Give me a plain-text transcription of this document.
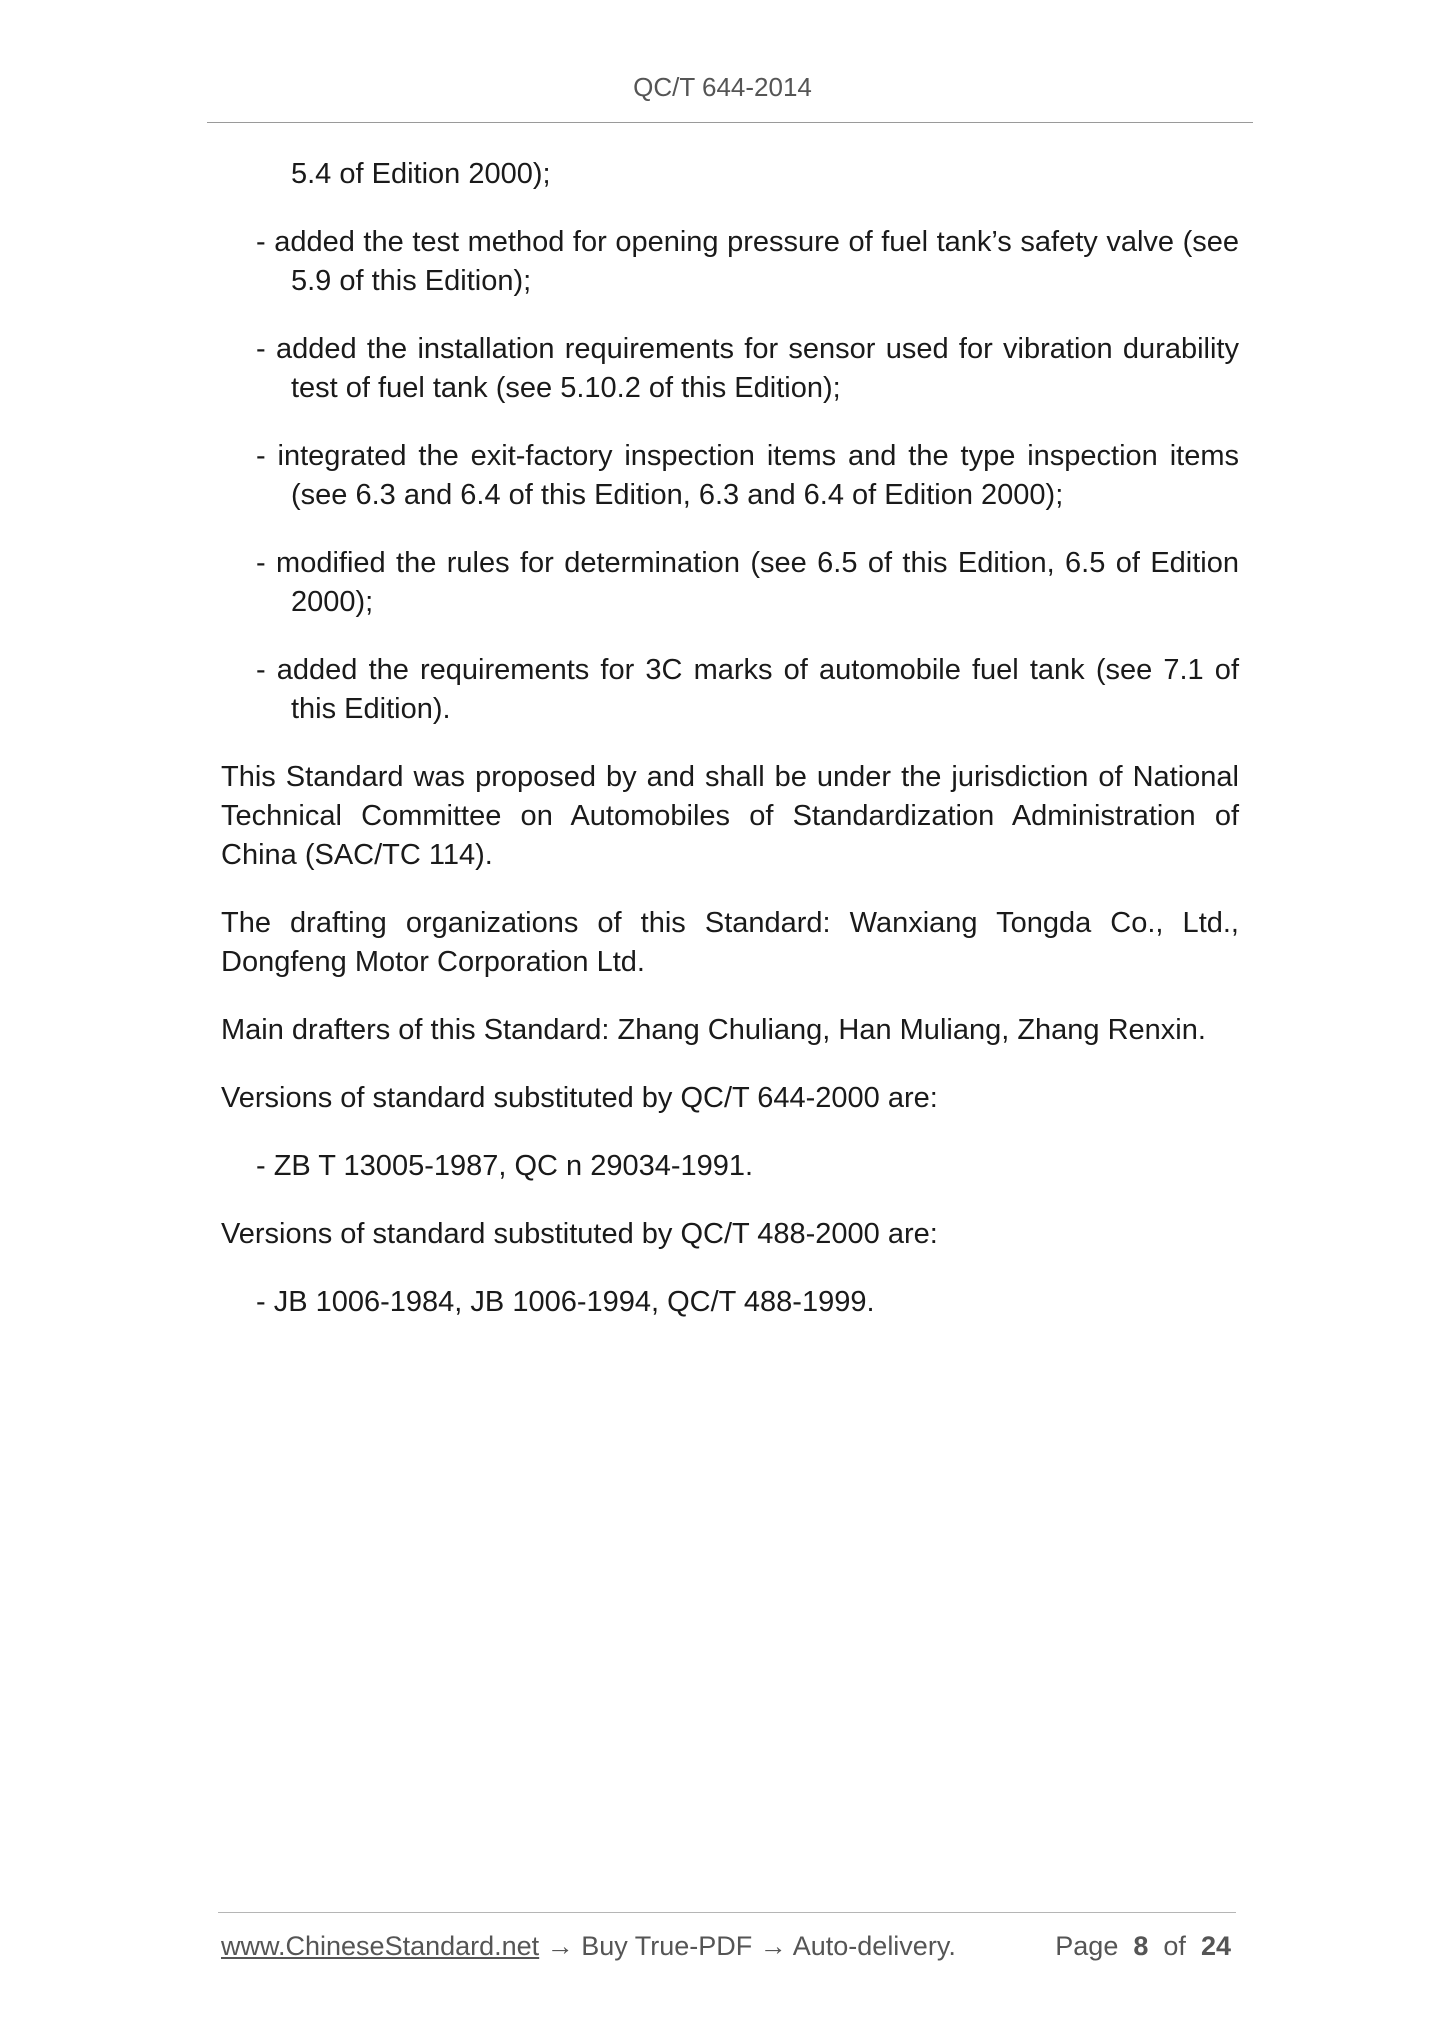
QC/T 644-2014

5.4 of Edition 2000);

- added the test method for opening pressure of fuel tank’s safety valve (see 5.9 of this Edition);

- added the installation requirements for sensor used for vibration durability test of fuel tank (see 5.10.2 of this Edition);

- integrated the exit-factory inspection items and the type inspection items (see 6.3 and 6.4 of this Edition, 6.3 and 6.4 of Edition 2000);

- modified the rules for determination (see 6.5 of this Edition, 6.5 of Edition 2000);

- added the requirements for 3C marks of automobile fuel tank (see 7.1 of this Edition).

This Standard was proposed by and shall be under the jurisdiction of National Technical Committee on Automobiles of Standardization Administration of China (SAC/TC 114).

The drafting organizations of this Standard: Wanxiang Tongda Co., Ltd., Dongfeng Motor Corporation Ltd.

Main drafters of this Standard: Zhang Chuliang, Han Muliang, Zhang Renxin.

Versions of standard substituted by QC/T 644-2000 are:

- ZB T 13005-1987, QC n 29034-1991.

Versions of standard substituted by QC/T 488-2000 are:

- JB 1006-1984, JB 1006-1994, QC/T 488-1999.

www.ChineseStandard.net → Buy True-PDF → Auto-delivery.	Page 8 of 24
